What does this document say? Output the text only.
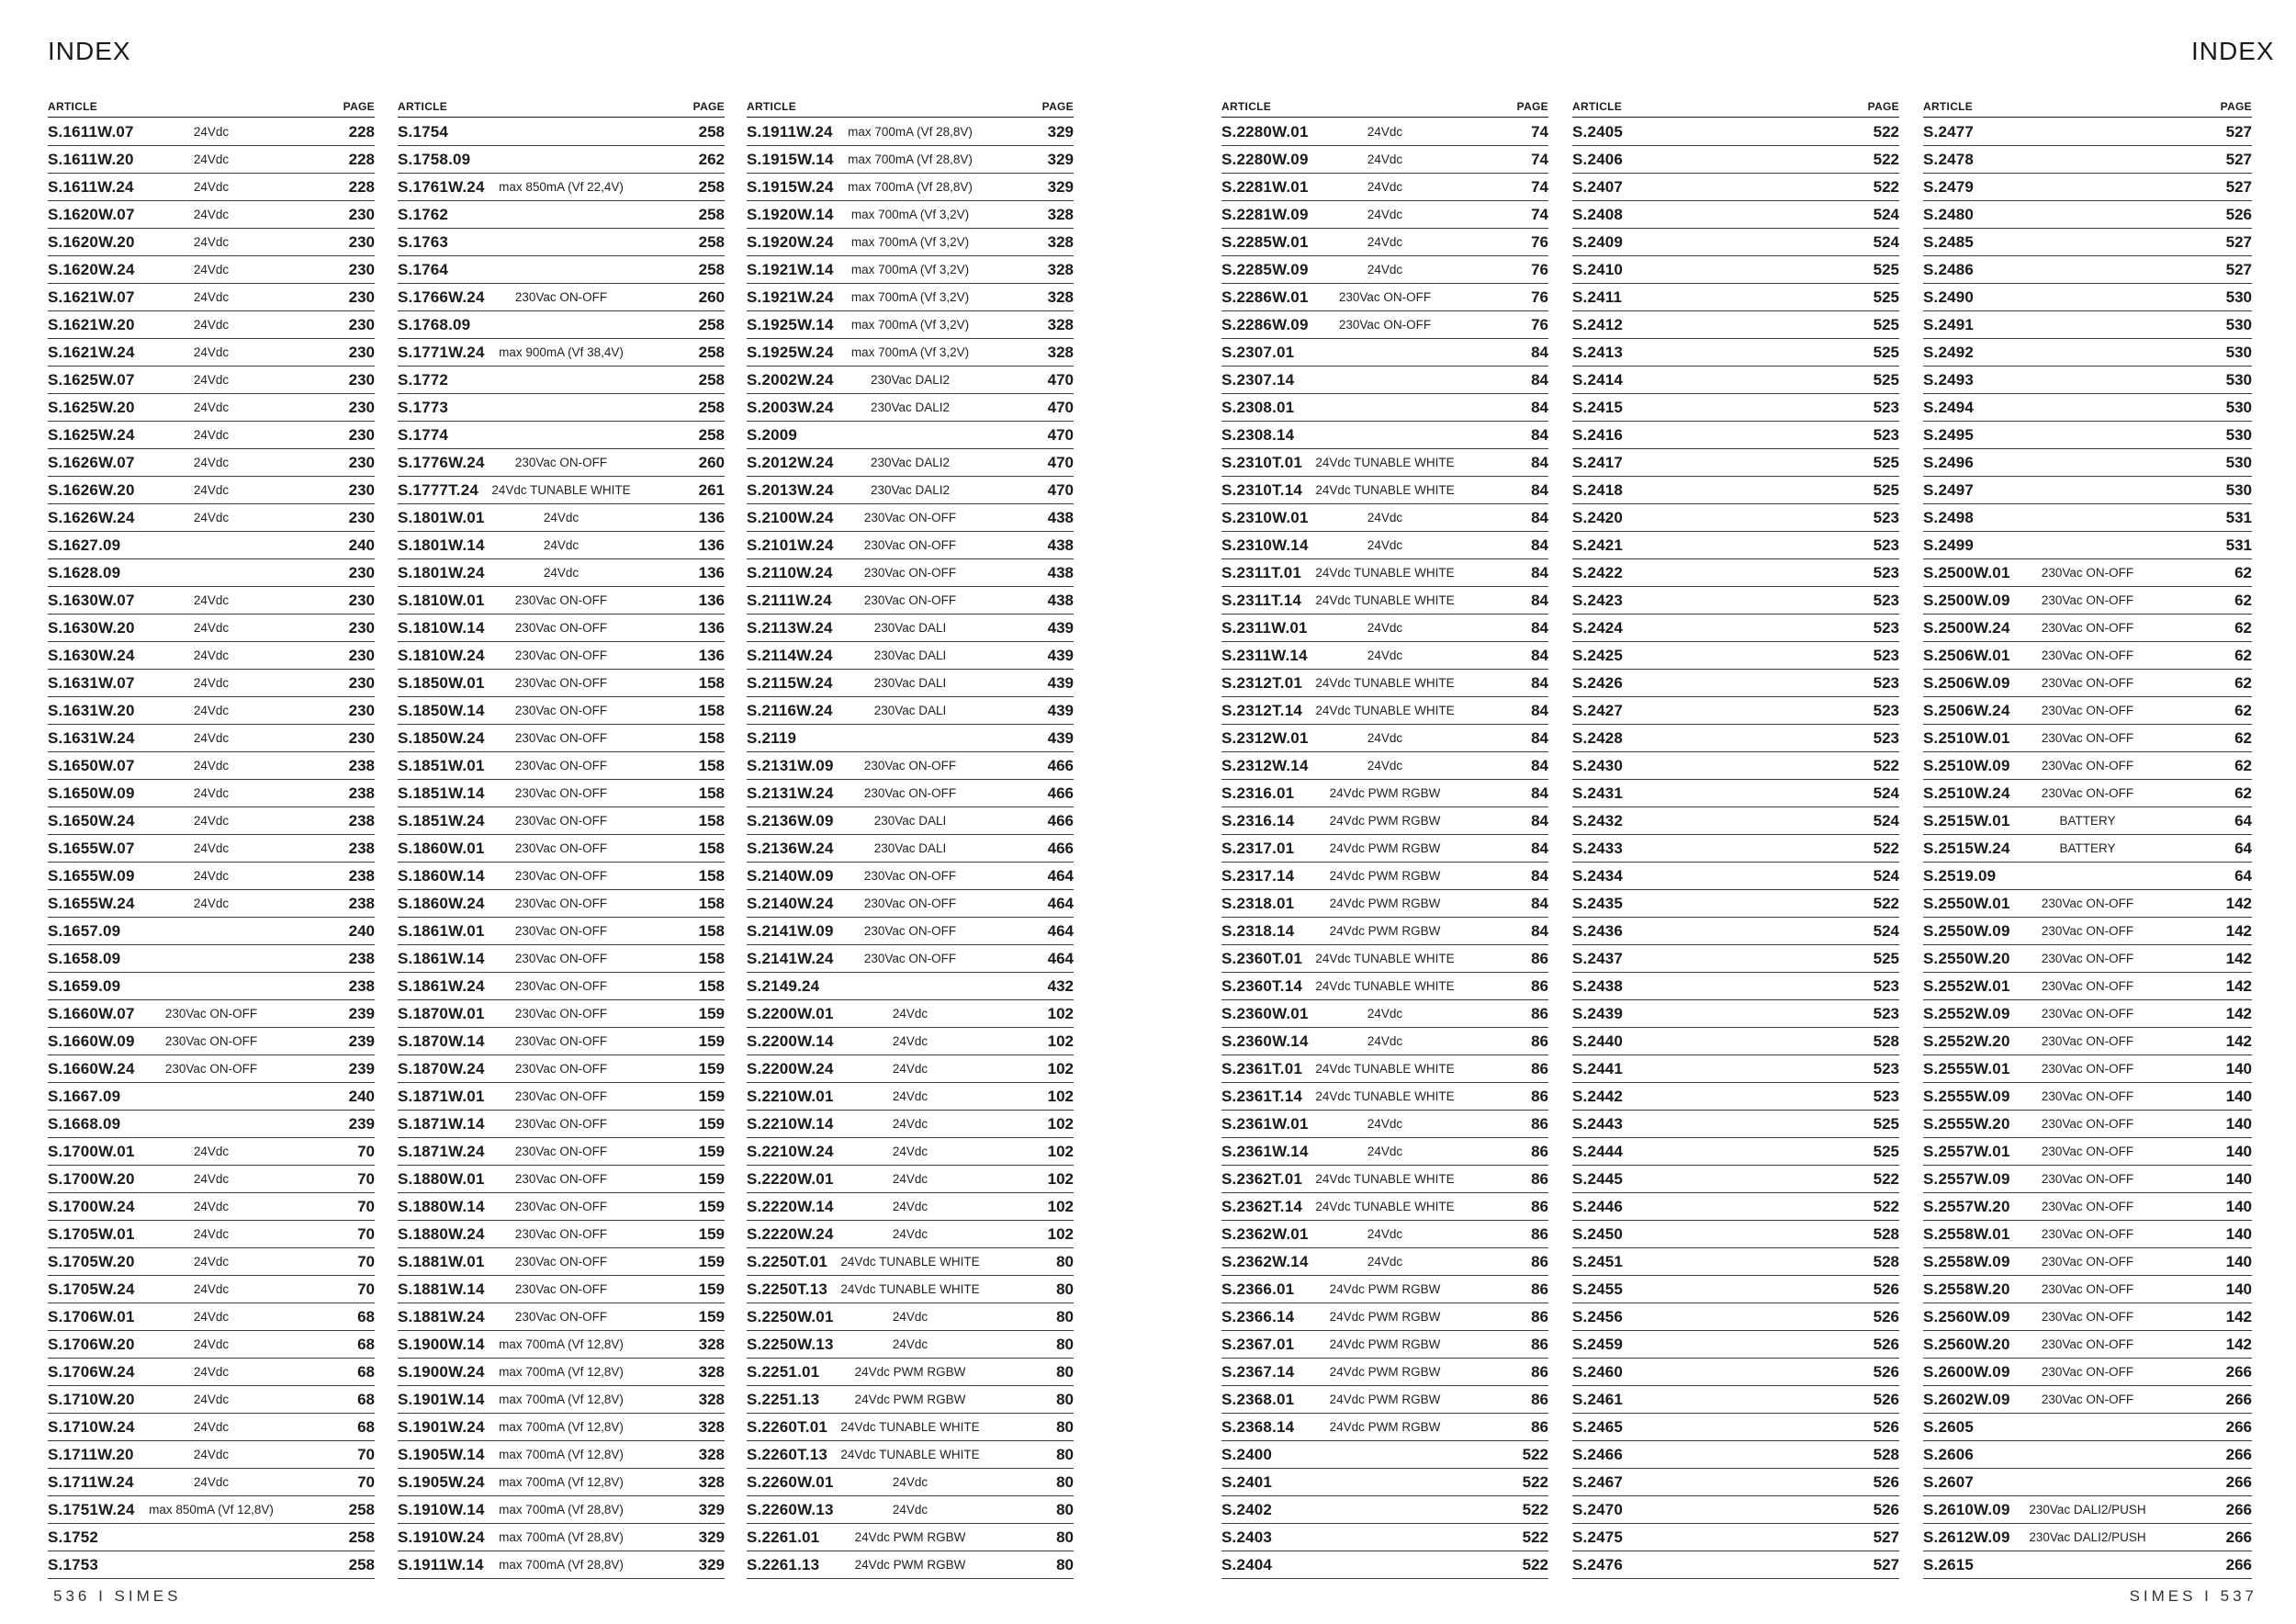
INDEX	INDEX
ARTICLE	PAGE
S.1611W.07	24Vdc	228
S.1611W.20	24Vdc	228
S.1611W.24	24Vdc	228
S.1620W.07	24Vdc	230
S.1620W.20	24Vdc	230
S.1620W.24	24Vdc	230
S.1621W.07	24Vdc	230
S.1621W.20	24Vdc	230
S.1621W.24	24Vdc	230
S.1625W.07	24Vdc	230
S.1625W.20	24Vdc	230
S.1625W.24	24Vdc	230
S.1626W.07	24Vdc	230
S.1626W.20	24Vdc	230
S.1626W.24	24Vdc	230
S.1627.09	240
S.1628.09	230
S.1630W.07	24Vdc	230
S.1630W.20	24Vdc	230
S.1630W.24	24Vdc	230
S.1631W.07	24Vdc	230
S.1631W.20	24Vdc	230
S.1631W.24	24Vdc	230
S.1650W.07	24Vdc	238
S.1650W.09	24Vdc	238
S.1650W.24	24Vdc	238
S.1655W.07	24Vdc	238
S.1655W.09	24Vdc	238
S.1655W.24	24Vdc	238
S.1657.09	240
S.1658.09	238
S.1659.09	238
S.1660W.07	230Vac ON-OFF	239
S.1660W.09	230Vac ON-OFF	239
S.1660W.24	230Vac ON-OFF	239
S.1667.09	240
S.1668.09	239
S.1700W.01	24Vdc	70
S.1700W.20	24Vdc	70
S.1700W.24	24Vdc	70
S.1705W.01	24Vdc	70
S.1705W.20	24Vdc	70
S.1705W.24	24Vdc	70
S.1706W.01	24Vdc	68
S.1706W.20	24Vdc	68
S.1706W.24	24Vdc	68
S.1710W.20	24Vdc	68
S.1710W.24	24Vdc	68
S.1711W.20	24Vdc	70
S.1711W.24	24Vdc	70
S.1751W.24	max 850mA (Vf 12,8V)	258
S.1752	258
S.1753	258
ARTICLE	PAGE
S.1754	258
S.1758.09	262
S.1761W.24	max 850mA (Vf 22,4V)	258
S.1762	258
S.1763	258
S.1764	258
S.1766W.24	230Vac ON-OFF	260
S.1768.09	258
S.1771W.24	max 900mA (Vf 38,4V)	258
S.1772	258
S.1773	258
S.1774	258
S.1776W.24	230Vac ON-OFF	260
S.1777T.24	24Vdc TUNABLE WHITE	261
S.1801W.01	24Vdc	136
S.1801W.14	24Vdc	136
S.1801W.24	24Vdc	136
S.1810W.01	230Vac ON-OFF	136
S.1810W.14	230Vac ON-OFF	136
S.1810W.24	230Vac ON-OFF	136
S.1850W.01	230Vac ON-OFF	158
S.1850W.14	230Vac ON-OFF	158
S.1850W.24	230Vac ON-OFF	158
S.1851W.01	230Vac ON-OFF	158
S.1851W.14	230Vac ON-OFF	158
S.1851W.24	230Vac ON-OFF	158
S.1860W.01	230Vac ON-OFF	158
S.1860W.14	230Vac ON-OFF	158
S.1860W.24	230Vac ON-OFF	158
S.1861W.01	230Vac ON-OFF	158
S.1861W.14	230Vac ON-OFF	158
S.1861W.24	230Vac ON-OFF	158
S.1870W.01	230Vac ON-OFF	159
S.1870W.14	230Vac ON-OFF	159
S.1870W.24	230Vac ON-OFF	159
S.1871W.01	230Vac ON-OFF	159
S.1871W.14	230Vac ON-OFF	159
S.1871W.24	230Vac ON-OFF	159
S.1880W.01	230Vac ON-OFF	159
S.1880W.14	230Vac ON-OFF	159
S.1880W.24	230Vac ON-OFF	159
S.1881W.01	230Vac ON-OFF	159
S.1881W.14	230Vac ON-OFF	159
S.1881W.24	230Vac ON-OFF	159
S.1900W.14	max 700mA (Vf 12,8V)	328
S.1900W.24	max 700mA (Vf 12,8V)	328
S.1901W.14	max 700mA (Vf 12,8V)	328
S.1901W.24	max 700mA (Vf 12,8V)	328
S.1905W.14	max 700mA (Vf 12,8V)	328
S.1905W.24	max 700mA (Vf 12,8V)	328
S.1910W.14	max 700mA (Vf 28,8V)	329
S.1910W.24	max 700mA (Vf 28,8V)	329
S.1911W.14	max 700mA (Vf 28,8V)	329
ARTICLE	PAGE
S.1911W.24	max 700mA (Vf 28,8V)	329
S.1915W.14	max 700mA (Vf 28,8V)	329
S.1915W.24	max 700mA (Vf 28,8V)	329
S.1920W.14	max 700mA (Vf 3,2V)	328
S.1920W.24	max 700mA (Vf 3,2V)	328
S.1921W.14	max 700mA (Vf 3,2V)	328
S.1921W.24	max 700mA (Vf 3,2V)	328
S.1925W.14	max 700mA (Vf 3,2V)	328
S.1925W.24	max 700mA (Vf 3,2V)	328
S.2002W.24	230Vac DALI2	470
S.2003W.24	230Vac DALI2	470
S.2009	470
S.2012W.24	230Vac DALI2	470
S.2013W.24	230Vac DALI2	470
S.2100W.24	230Vac ON-OFF	438
S.2101W.24	230Vac ON-OFF	438
S.2110W.24	230Vac ON-OFF	438
S.2111W.24	230Vac ON-OFF	438
S.2113W.24	230Vac DALI	439
S.2114W.24	230Vac DALI	439
S.2115W.24	230Vac DALI	439
S.2116W.24	230Vac DALI	439
S.2119	439
S.2131W.09	230Vac ON-OFF	466
S.2131W.24	230Vac ON-OFF	466
S.2136W.09	230Vac DALI	466
S.2136W.24	230Vac DALI	466
S.2140W.09	230Vac ON-OFF	464
S.2140W.24	230Vac ON-OFF	464
S.2141W.09	230Vac ON-OFF	464
S.2141W.24	230Vac ON-OFF	464
S.2149.24	432
S.2200W.01	24Vdc	102
S.2200W.14	24Vdc	102
S.2200W.24	24Vdc	102
S.2210W.01	24Vdc	102
S.2210W.14	24Vdc	102
S.2210W.24	24Vdc	102
S.2220W.01	24Vdc	102
S.2220W.14	24Vdc	102
S.2220W.24	24Vdc	102
S.2250T.01	24Vdc TUNABLE WHITE	80
S.2250T.13	24Vdc TUNABLE WHITE	80
S.2250W.01	24Vdc	80
S.2250W.13	24Vdc	80
S.2251.01	24Vdc PWM RGBW	80
S.2251.13	24Vdc PWM RGBW	80
S.2260T.01	24Vdc TUNABLE WHITE	80
S.2260T.13	24Vdc TUNABLE WHITE	80
S.2260W.01	24Vdc	80
S.2260W.13	24Vdc	80
S.2261.01	24Vdc PWM RGBW	80
S.2261.13	24Vdc PWM RGBW	80
ARTICLE	PAGE
S.2280W.01	24Vdc	74
S.2280W.09	24Vdc	74
S.2281W.01	24Vdc	74
S.2281W.09	24Vdc	74
S.2285W.01	24Vdc	76
S.2285W.09	24Vdc	76
S.2286W.01	230Vac ON-OFF	76
S.2286W.09	230Vac ON-OFF	76
S.2307.01	84
S.2307.14	84
S.2308.01	84
S.2308.14	84
S.2310T.01	24Vdc TUNABLE WHITE	84
S.2310T.14	24Vdc TUNABLE WHITE	84
S.2310W.01	24Vdc	84
S.2310W.14	24Vdc	84
S.2311T.01	24Vdc TUNABLE WHITE	84
S.2311T.14	24Vdc TUNABLE WHITE	84
S.2311W.01	24Vdc	84
S.2311W.14	24Vdc	84
S.2312T.01	24Vdc TUNABLE WHITE	84
S.2312T.14	24Vdc TUNABLE WHITE	84
S.2312W.01	24Vdc	84
S.2312W.14	24Vdc	84
S.2316.01	24Vdc PWM RGBW	84
S.2316.14	24Vdc PWM RGBW	84
S.2317.01	24Vdc PWM RGBW	84
S.2317.14	24Vdc PWM RGBW	84
S.2318.01	24Vdc PWM RGBW	84
S.2318.14	24Vdc PWM RGBW	84
S.2360T.01	24Vdc TUNABLE WHITE	86
S.2360T.14	24Vdc TUNABLE WHITE	86
S.2360W.01	24Vdc	86
S.2360W.14	24Vdc	86
S.2361T.01	24Vdc TUNABLE WHITE	86
S.2361T.14	24Vdc TUNABLE WHITE	86
S.2361W.01	24Vdc	86
S.2361W.14	24Vdc	86
S.2362T.01	24Vdc TUNABLE WHITE	86
S.2362T.14	24Vdc TUNABLE WHITE	86
S.2362W.01	24Vdc	86
S.2362W.14	24Vdc	86
S.2366.01	24Vdc PWM RGBW	86
S.2366.14	24Vdc PWM RGBW	86
S.2367.01	24Vdc PWM RGBW	86
S.2367.14	24Vdc PWM RGBW	86
S.2368.01	24Vdc PWM RGBW	86
S.2368.14	24Vdc PWM RGBW	86
S.2400	522
S.2401	522
S.2402	522
S.2403	522
S.2404	522
ARTICLE	PAGE
S.2405	522
S.2406	522
S.2407	522
S.2408	524
S.2409	524
S.2410	525
S.2411	525
S.2412	525
S.2413	525
S.2414	525
S.2415	523
S.2416	523
S.2417	525
S.2418	525
S.2420	523
S.2421	523
S.2422	523
S.2423	523
S.2424	523
S.2425	523
S.2426	523
S.2427	523
S.2428	523
S.2430	522
S.2431	524
S.2432	524
S.2433	522
S.2434	524
S.2435	522
S.2436	524
S.2437	525
S.2438	523
S.2439	523
S.2440	528
S.2441	523
S.2442	523
S.2443	525
S.2444	525
S.2445	522
S.2446	522
S.2450	528
S.2451	528
S.2455	526
S.2456	526
S.2459	526
S.2460	526
S.2461	526
S.2465	526
S.2466	528
S.2467	526
S.2470	526
S.2475	527
S.2476	527
ARTICLE	PAGE
S.2477	527
S.2478	527
S.2479	527
S.2480	526
S.2485	527
S.2486	527
S.2490	530
S.2491	530
S.2492	530
S.2493	530
S.2494	530
S.2495	530
S.2496	530
S.2497	530
S.2498	531
S.2499	531
S.2500W.01	230Vac ON-OFF	62
S.2500W.09	230Vac ON-OFF	62
S.2500W.24	230Vac ON-OFF	62
S.2506W.01	230Vac ON-OFF	62
S.2506W.09	230Vac ON-OFF	62
S.2506W.24	230Vac ON-OFF	62
S.2510W.01	230Vac ON-OFF	62
S.2510W.09	230Vac ON-OFF	62
S.2510W.24	230Vac ON-OFF	62
S.2515W.01	BATTERY	64
S.2515W.24	BATTERY	64
S.2519.09	64
S.2550W.01	230Vac ON-OFF	142
S.2550W.09	230Vac ON-OFF	142
S.2550W.20	230Vac ON-OFF	142
S.2552W.01	230Vac ON-OFF	142
S.2552W.09	230Vac ON-OFF	142
S.2552W.20	230Vac ON-OFF	142
S.2555W.01	230Vac ON-OFF	140
S.2555W.09	230Vac ON-OFF	140
S.2555W.20	230Vac ON-OFF	140
S.2557W.01	230Vac ON-OFF	140
S.2557W.09	230Vac ON-OFF	140
S.2557W.20	230Vac ON-OFF	140
S.2558W.01	230Vac ON-OFF	140
S.2558W.09	230Vac ON-OFF	140
S.2558W.20	230Vac ON-OFF	140
S.2560W.09	230Vac ON-OFF	142
S.2560W.20	230Vac ON-OFF	142
S.2600W.09	230Vac ON-OFF	266
S.2602W.09	230Vac ON-OFF	266
S.2605	266
S.2606	266
S.2607	266
S.2610W.09	230Vac DALI2/PUSH	266
S.2612W.09	230Vac DALI2/PUSH	266
S.2615	266
536 Ι SIMES	SIMES Ι 537
